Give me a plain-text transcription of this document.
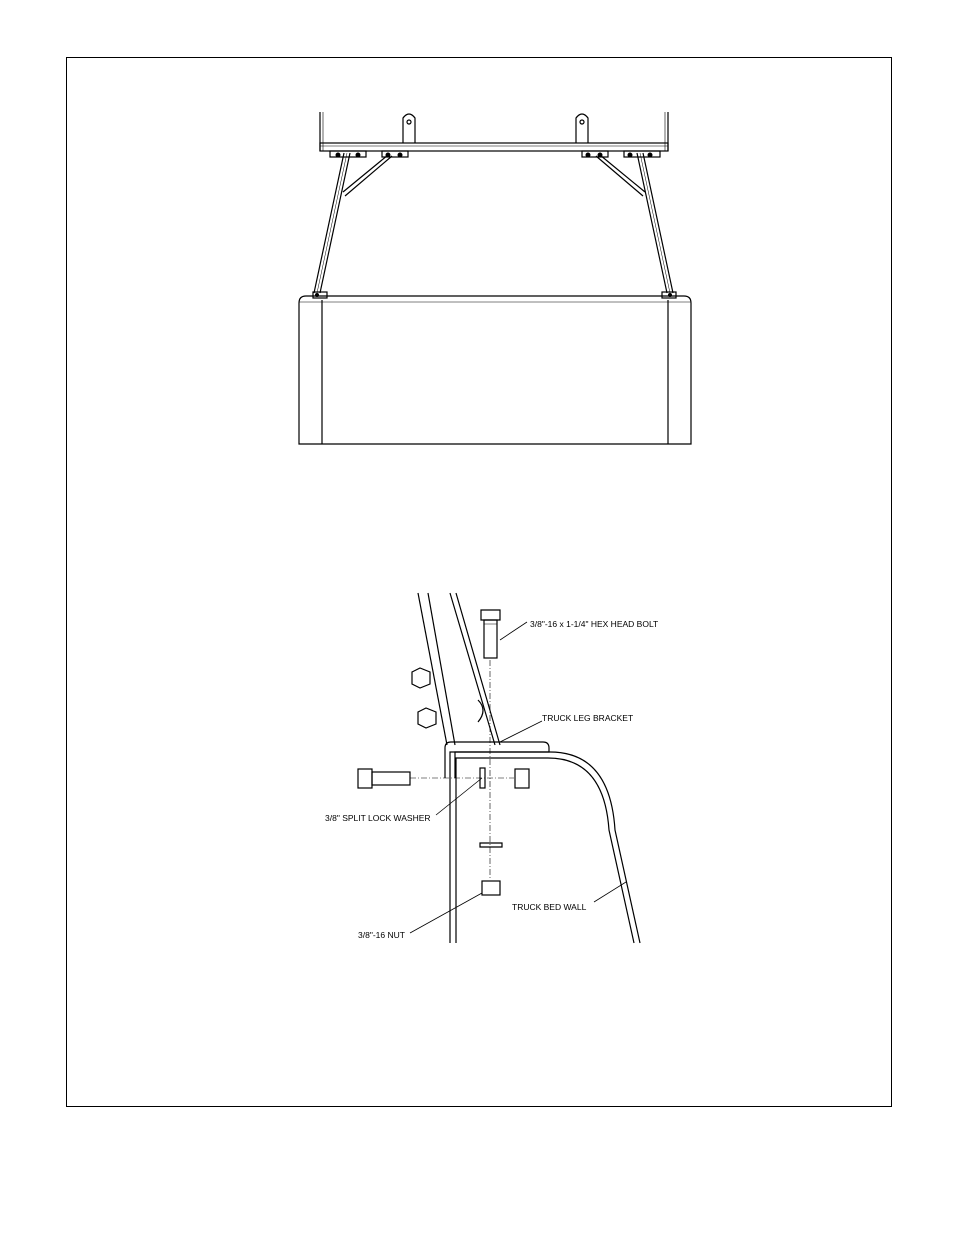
3/8"-16 x 1-1/4" HEX HEAD BOLT
TRUCK LEG BRACKET
3/8" SPLIT LOCK WASHER
TRUCK BED WALL
3/8"-16 NUT
